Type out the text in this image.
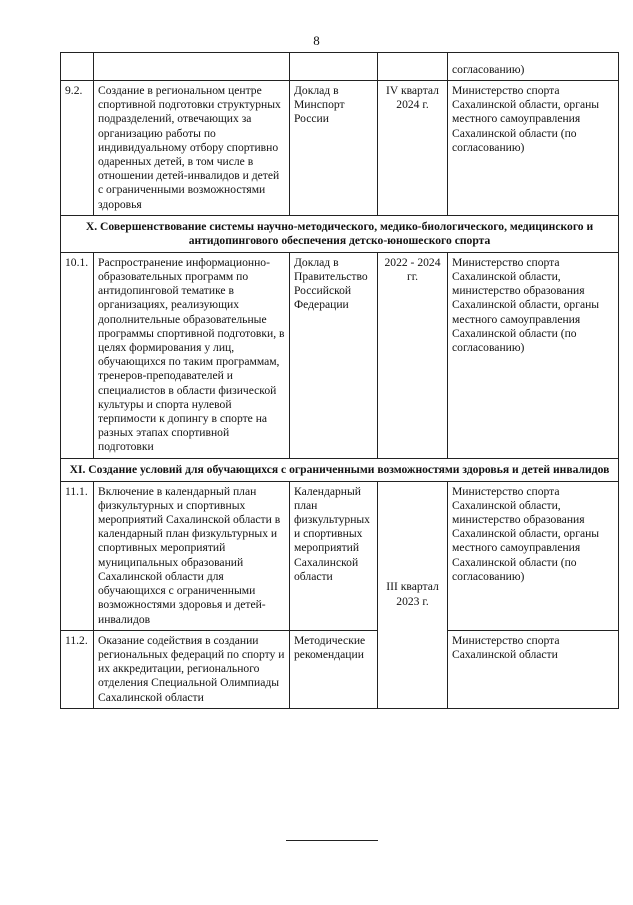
8
				согласованию)
9.2.	Создание в региональном центре спортивной подготовки структурных подразделений, отвечающих за организацию работы по индивидуальному отбору спортивно одаренных детей, в том числе в отношении детей-инвалидов и детей с ограниченными возможностями здоровья	Доклад в Минспорт России	IV квартал 2024 г.	Министерство спорта Сахалинской области, органы местного самоуправления Сахалинской области (по согласованию)
X. Совершенствование системы научно-методического, медико-биологического, медицинского и антидопингового обеспечения детско-юношеского спорта				
10.1.	Распространение информационно-образовательных программ по антидопинговой тематике в организациях, реализующих дополнительные образовательные программы спортивной подготовки, в целях формирования у лиц, обучающихся по таким программам, тренеров-преподавателей и специалистов в области физической культуры и спорта нулевой терпимости к допингу в спорте на разных этапах спортивной подготовки	Доклад в Правительство Российской Федерации	2022 - 2024 гг.	Министерство спорта Сахалинской области, министерство образования Сахалинской области, органы местного самоуправления Сахалинской области (по согласованию)
XI. Создание условий для обучающихся с ограниченными возможностями здоровья и детей инвалидов				
11.1.	Включение в календарный план физкультурных и спортивных мероприятий Сахалинской области в календарный план физкультурных и спортивных мероприятий муниципальных образований Сахалинской области для обучающихся с ограниченными возможностями здоровья и детей-инвалидов	Календарный план физкультурных и спортивных мероприятий Сахалинской области	III квартал 2023 г.	Министерство спорта Сахалинской области, министерство образования Сахалинской области, органы местного самоуправления Сахалинской области (по согласованию)
11.2.	Оказание содействия в создании региональных федераций по спорту и их аккредитации, регионального отделения Специальной Олимпиады Сахалинской области	Методические рекомендации		Министерство спорта Сахалинской области
